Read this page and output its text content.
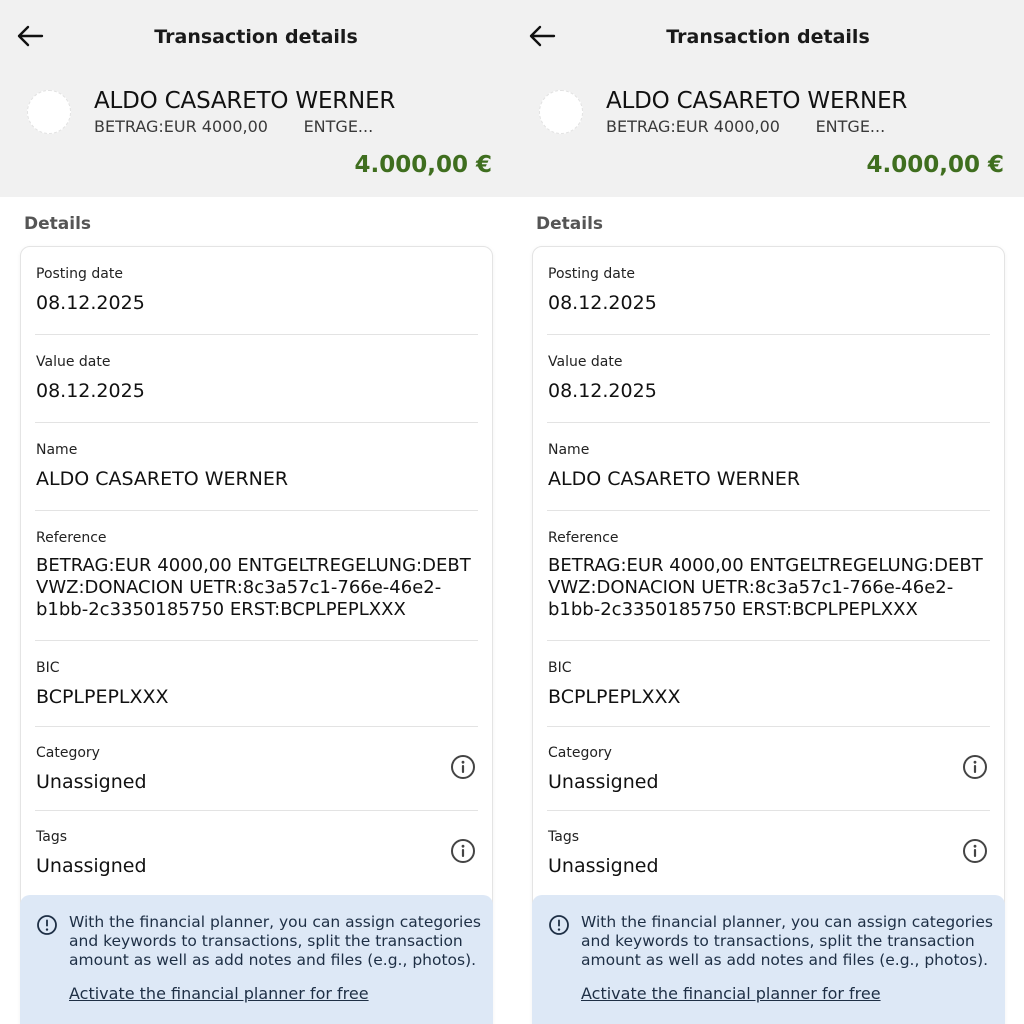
Transaction details
ALDO CASARETO WERNER
BETRAG:EUR 4000,00       ENTGE...
4.000,00 €
Details
Posting date
08.12.2025
Value date
08.12.2025
Name
ALDO CASARETO WERNER
Reference
BETRAG:EUR 4000,00 ENTGELTREGELUNG:DEBT
VWZ:DONACION UETR:8c3a57c1-766e-46e2-
b1bb-2c3350185750 ERST:BCPLPEPLXXX
BIC
BCPLPEPLXXX
Category
Unassigned
Tags
Unassigned
With the financial planner, you can assign categories and keywords to transactions, split the transaction amount as well as add notes and files (e.g., photos).
Activate the financial planner for free
Transaction details
ALDO CASARETO WERNER
BETRAG:EUR 4000,00       ENTGE...
4.000,00 €
Details
Posting date
08.12.2025
Value date
08.12.2025
Name
ALDO CASARETO WERNER
Reference
BETRAG:EUR 4000,00 ENTGELTREGELUNG:DEBT
VWZ:DONACION UETR:8c3a57c1-766e-46e2-
b1bb-2c3350185750 ERST:BCPLPEPLXXX
BIC
BCPLPEPLXXX
Category
Unassigned
Tags
Unassigned
With the financial planner, you can assign categories and keywords to transactions, split the transaction amount as well as add notes and files (e.g., photos).
Activate the financial planner for free
